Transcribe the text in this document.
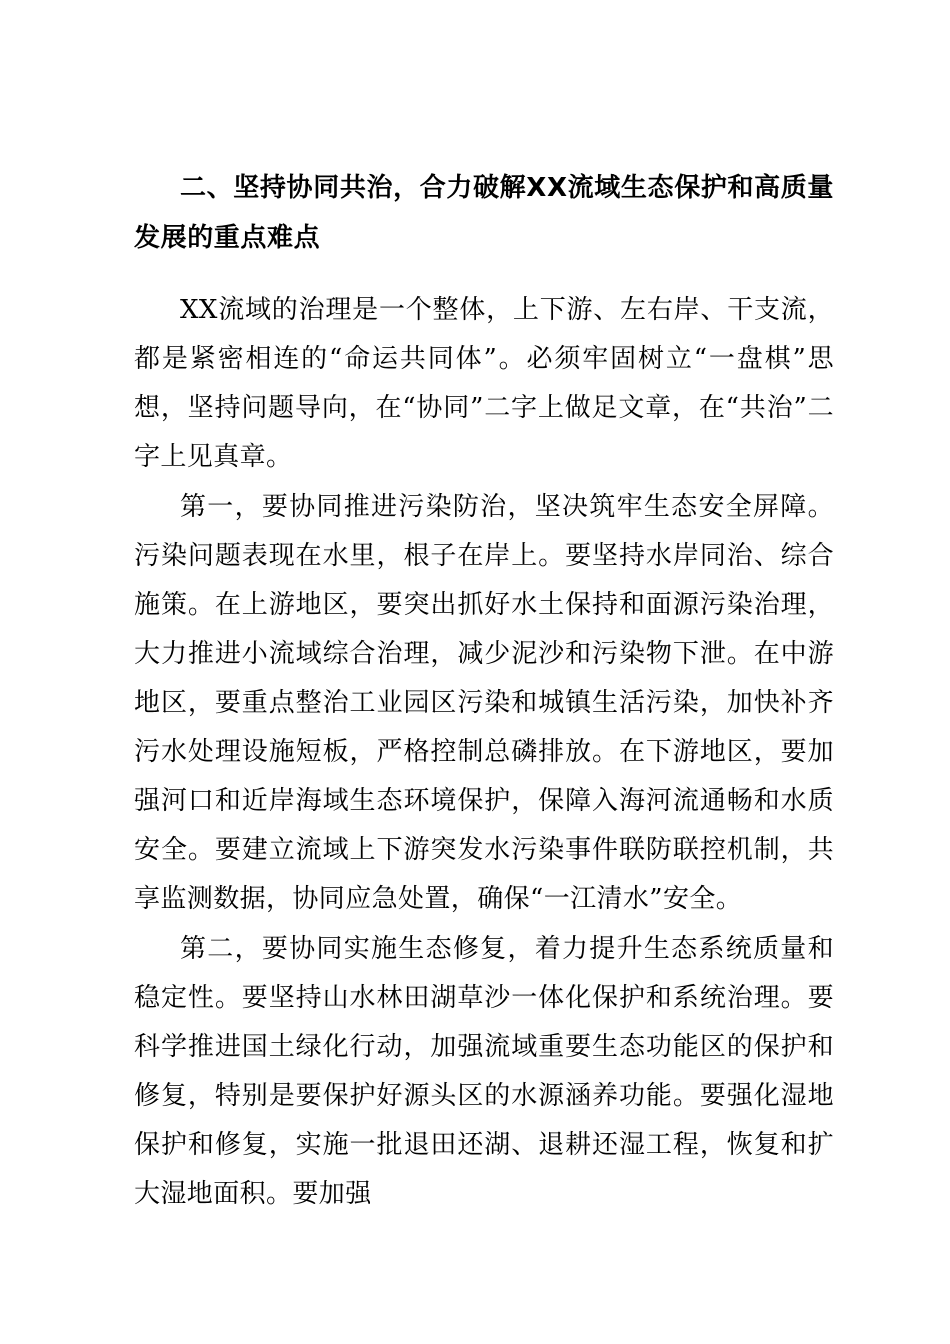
二、坚持协同共治，合力破解XX流域生态保护和高质量发展的重点难点

XX流域的治理是一个整体，上下游、左右岸、干支流，都是紧密相连的“命运共同体”。必须牢固树立“一盘棋”思想，坚持问题导向，在“协同”二字上做足文章，在“共治”二字上见真章。

第一，要协同推进污染防治，坚决筑牢生态安全屏障。污染问题表现在水里，根子在岸上。要坚持水岸同治、综合施策。在上游地区，要突出抓好水土保持和面源污染治理，大力推进小流域综合治理，减少泥沙和污染物下泄。在中游地区，要重点整治工业园区污染和城镇生活污染，加快补齐污水处理设施短板，严格控制总磷排放。在下游地区，要加强河口和近岸海域生态环境保护，保障入海河流通畅和水质安全。要建立流域上下游突发水污染事件联防联控机制，共享监测数据，协同应急处置，确保“一江清水”安全。

第二，要协同实施生态修复，着力提升生态系统质量和稳定性。要坚持山水林田湖草沙一体化保护和系统治理。要科学推进国土绿化行动，加强流域重要生态功能区的保护和修复，特别是要保护好源头区的水源涵养功能。要强化湿地保护和修复，实施一批退田还湖、退耕还湿工程，恢复和扩大湿地面积。要加强
